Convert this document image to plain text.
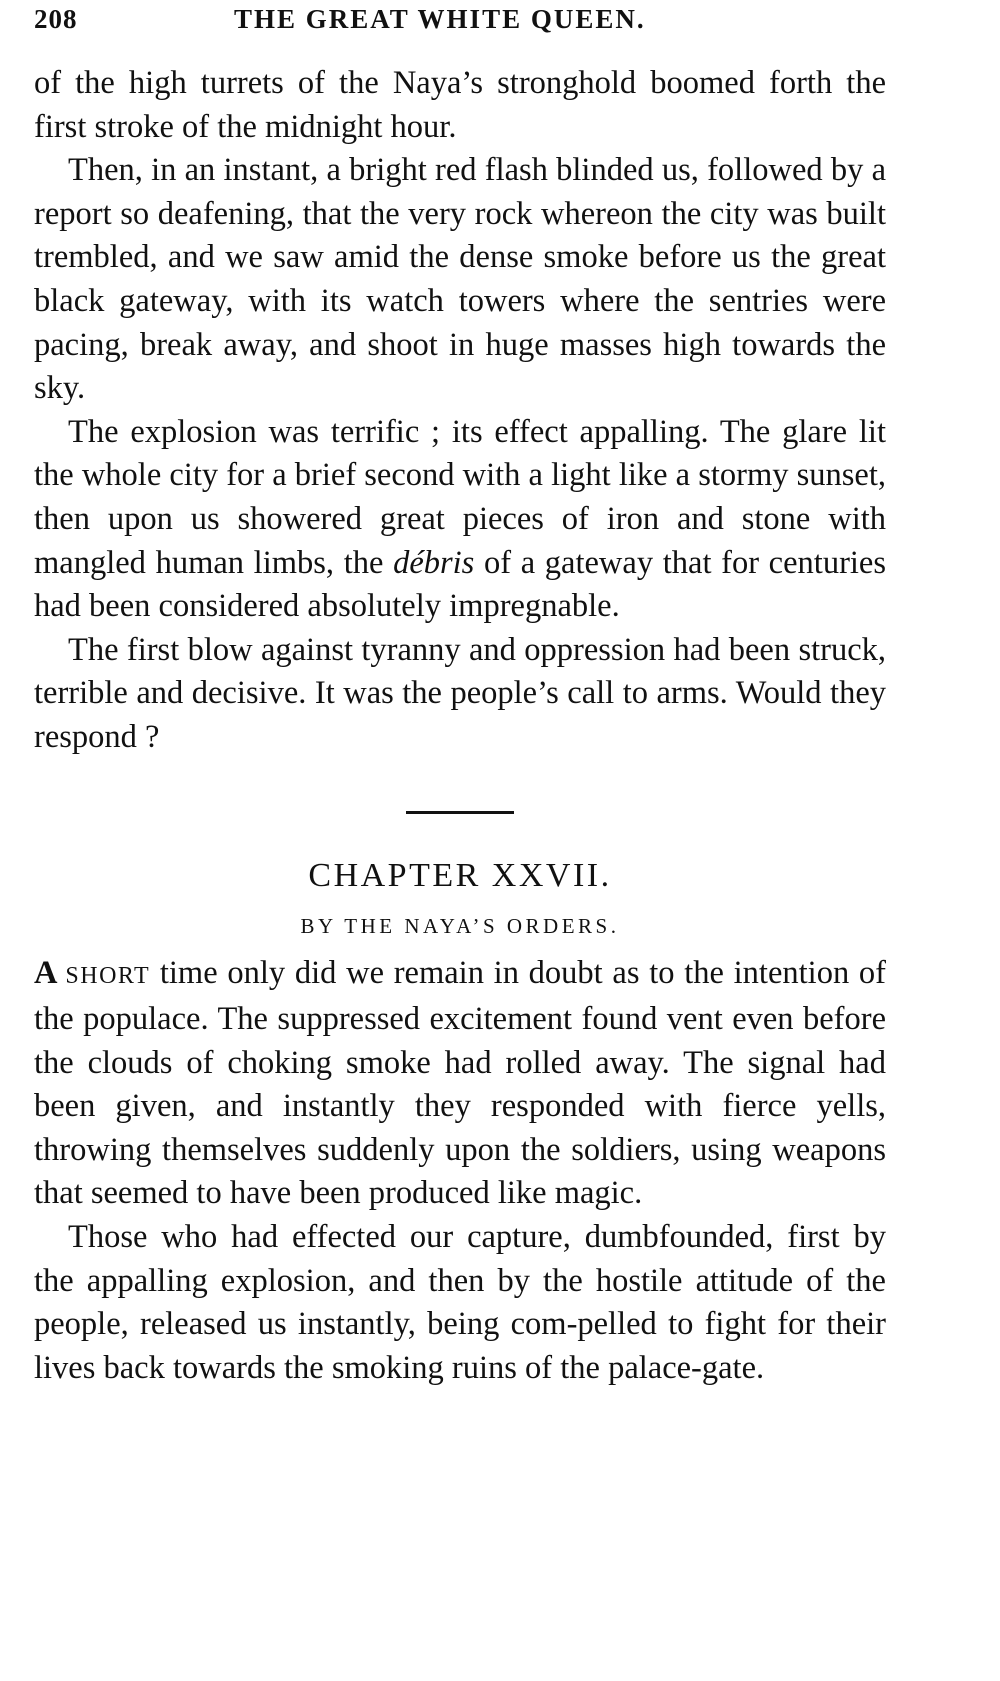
208	THE GREAT WHITE QUEEN.

of the high turrets of the Naya’s stronghold boomed forth the first stroke of the midnight hour.

Then, in an instant, a bright red flash blinded us, followed by a report so deafening, that the very rock whereon the city was built trembled, and we saw amid the dense smoke before us the great black gateway, with its watch towers where the sentries were pacing, break away, and shoot in huge masses high towards the sky.

The explosion was terrific ; its effect appalling. The glare lit the whole city for a brief second with a light like a stormy sunset, then upon us showered great pieces of iron and stone with mangled human limbs, the débris of a gateway that for centuries had been considered absolutely impregnable.

The first blow against tyranny and oppression had been struck, terrible and decisive. It was the people’s call to arms. Would they respond ?

CHAPTER XXVII.
BY THE NAYA’S ORDERS.

A SHORT time only did we remain in doubt as to the intention of the populace. The suppressed excitement found vent even before the clouds of choking smoke had rolled away. The signal had been given, and instantly they responded with fierce yells, throwing themselves suddenly upon the soldiers, using weapons that seemed to have been produced like magic.

Those who had effected our capture, dumbfounded, first by the appalling explosion, and then by the hostile attitude of the people, released us instantly, being com-pelled to fight for their lives back towards the smoking ruins of the palace-gate.
